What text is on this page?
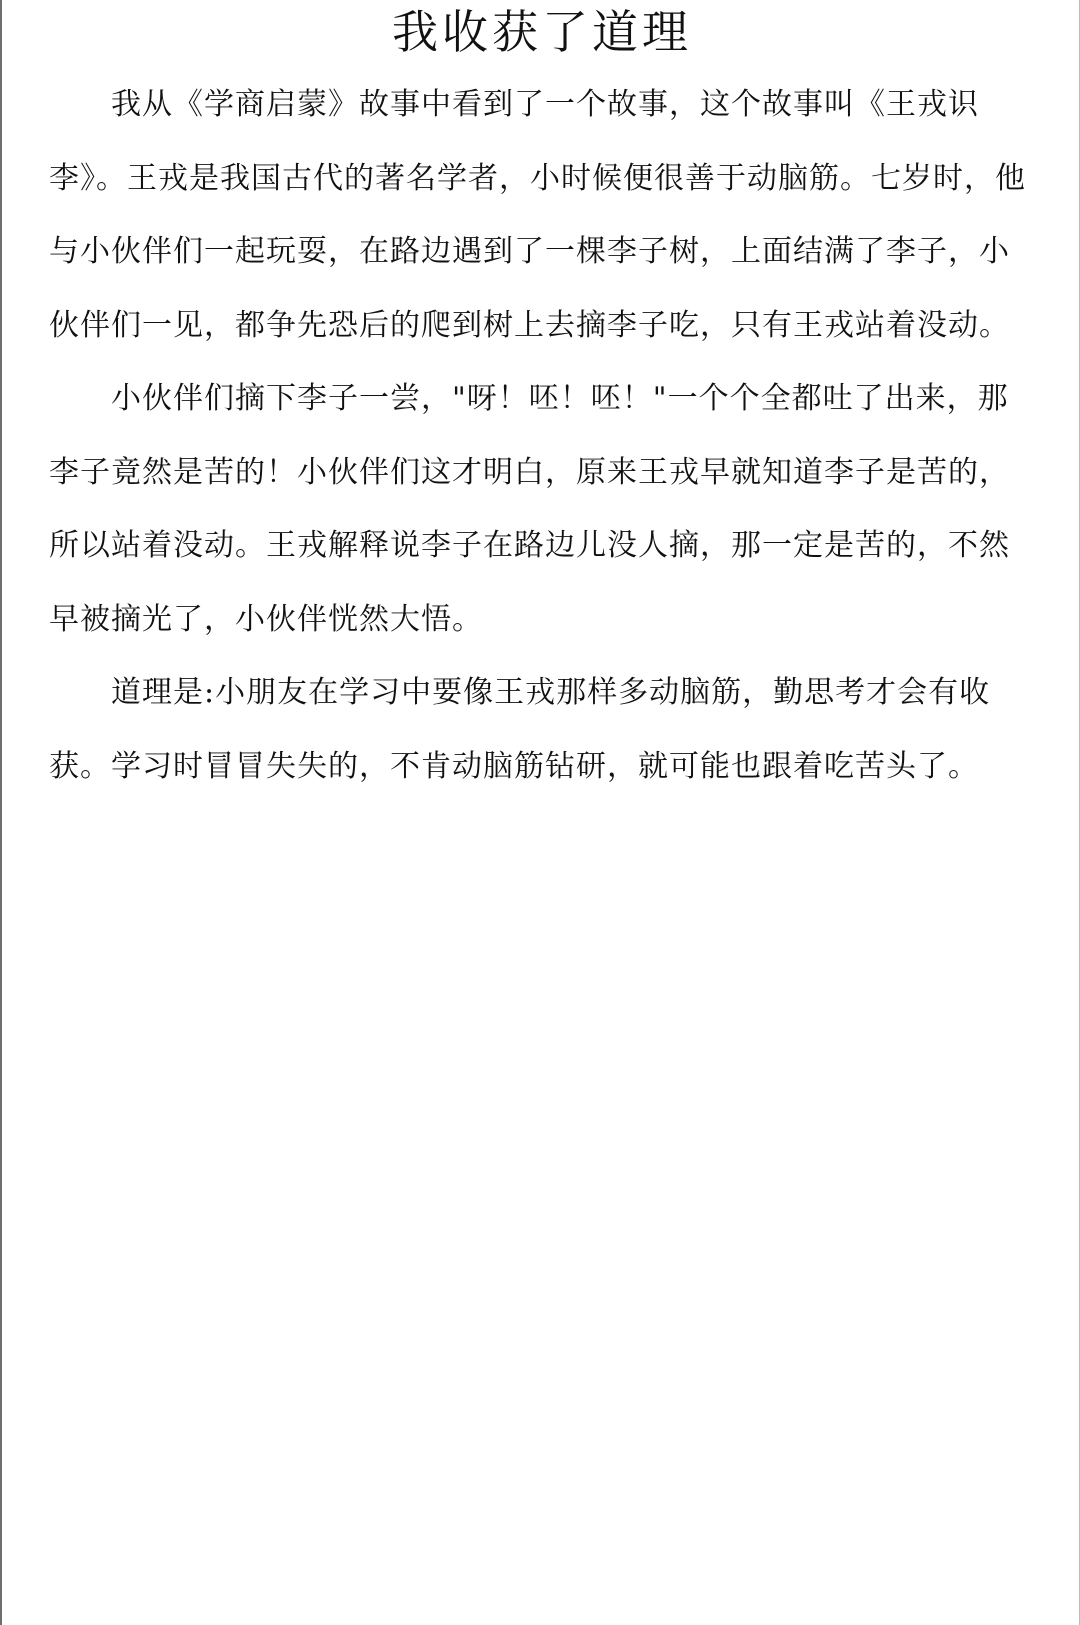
我收获了道理

我从《学商启蒙》故事中看到了一个故事，这个故事叫《王戎识李》。王戎是我国古代的著名学者，小时候便很善于动脑筋。七岁时，他与小伙伴们一起玩耍，在路边遇到了一棵李子树，上面结满了李子，小伙伴们一见，都争先恐后的爬到树上去摘李子吃，只有王戎站着没动。

小伙伴们摘下李子一尝，"呀！呸！呸！"一个个全都吐了出来，那李子竟然是苦的！小伙伴们这才明白，原来王戎早就知道李子是苦的，所以站着没动。王戎解释说李子在路边儿没人摘，那一定是苦的，不然早被摘光了，小伙伴恍然大悟。

道理是:小朋友在学习中要像王戎那样多动脑筋，勤思考才会有收获。学习时冒冒失失的，不肯动脑筋钻研，就可能也跟着吃苦头了。
